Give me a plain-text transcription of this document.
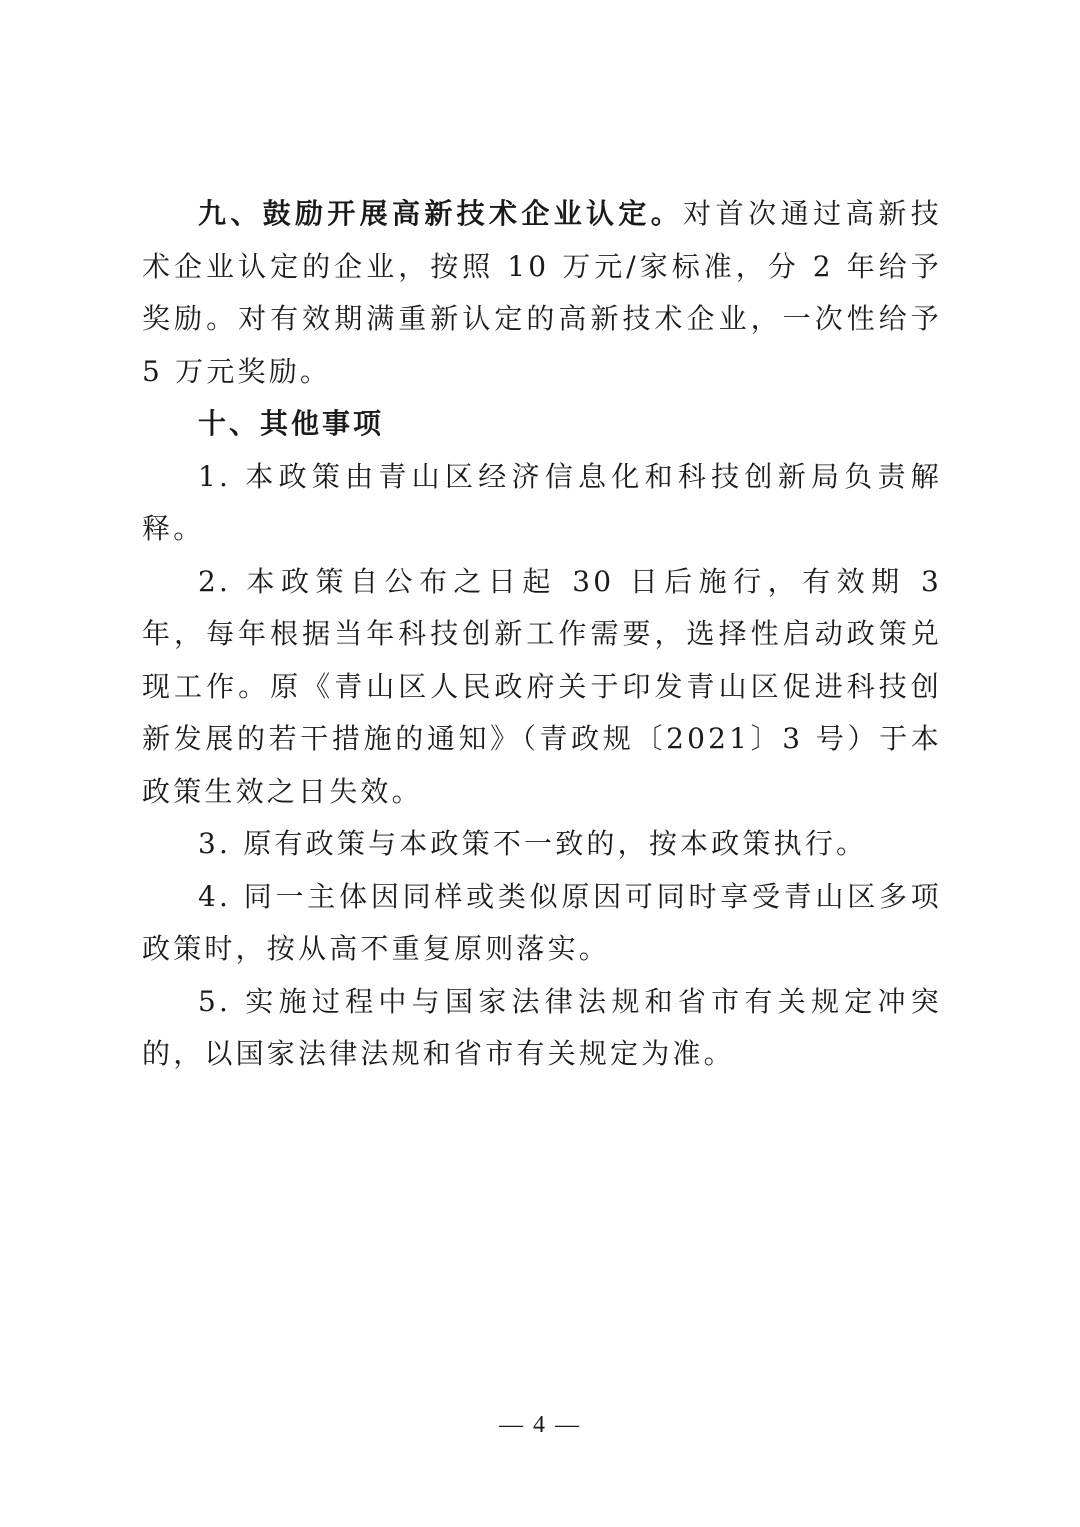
九、鼓励开展高新技术企业认定。对首次通过高新技术企业认定的企业，按照 10 万元/家标准，分 2 年给予奖励。对有效期满重新认定的高新技术企业，一次性给予 5 万元奖励。

十、其他事项

1. 本政策由青山区经济信息化和科技创新局负责解释。

2. 本政策自公布之日起 30 日后施行，有效期 3 年，每年根据当年科技创新工作需要，选择性启动政策兑现工作。原《青山区人民政府关于印发青山区促进科技创新发展的若干措施的通知》（青政规〔2021〕3 号）于本政策生效之日失效。

3. 原有政策与本政策不一致的，按本政策执行。

4. 同一主体因同样或类似原因可同时享受青山区多项政策时，按从高不重复原则落实。

5. 实施过程中与国家法律法规和省市有关规定冲突的，以国家法律法规和省市有关规定为准。

— 4 —
